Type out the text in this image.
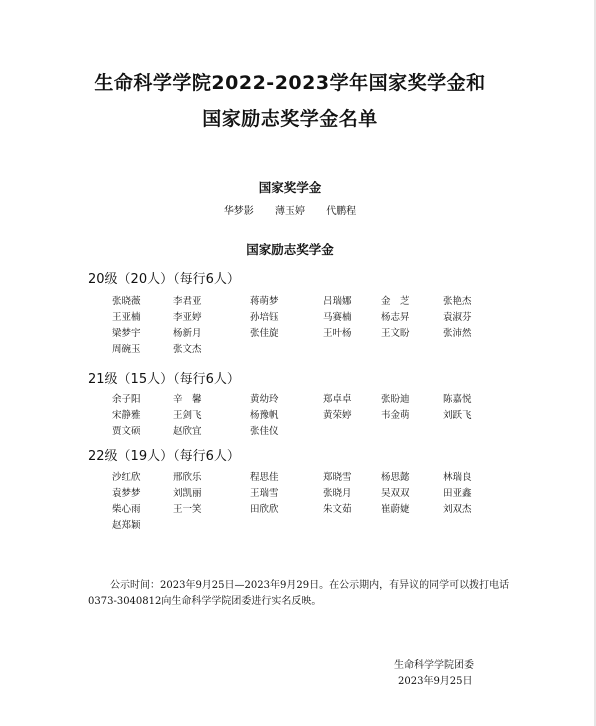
生命科学学院2022-2023学年国家奖学金和
国家励志奖学金名单
国家奖学金
华梦影 薄玉婷 代鹏程
国家励志奖学金
20级（20人）（每行6人）
张晓薇	李君亚	蒋萌梦	吕瑞娜	金　芝	张艳杰
王亚楠	李亚婷	孙培钰	马赛楠	杨志昇	袁淑芬
梁梦宇	杨新月	张佳旋	王叶杨	王文盼	张沛然
周碗玉	张文杰
21级（15人）（每行6人）
余子阳	辛　馨	黄幼玲	郑卓卓	张盼迪	陈嘉悦
宋静雅	王剑飞	杨豫帆	黄荣婷	韦金萌	刘跃飞
贾文硕	赵欣宜	张佳仪
22级（19人）（每行6人）
沙红欣	邢欣乐	程思佳	郑晓雪	杨思懿	林瑞良
袁梦梦	刘凯丽	王瑞雪	张晓月	吴双双	田亚鑫
柴心雨	王一笑	田欣欣	朱文茹	崔蔚婕	刘双杰
赵郑颖

公示时间：2023年9月25日—2023年9月29日。在公示期内，有异议的同学可以拨打电话0373-3040812向生命科学学院团委进行实名反映。

生命科学学院团委
2023年9月25日
